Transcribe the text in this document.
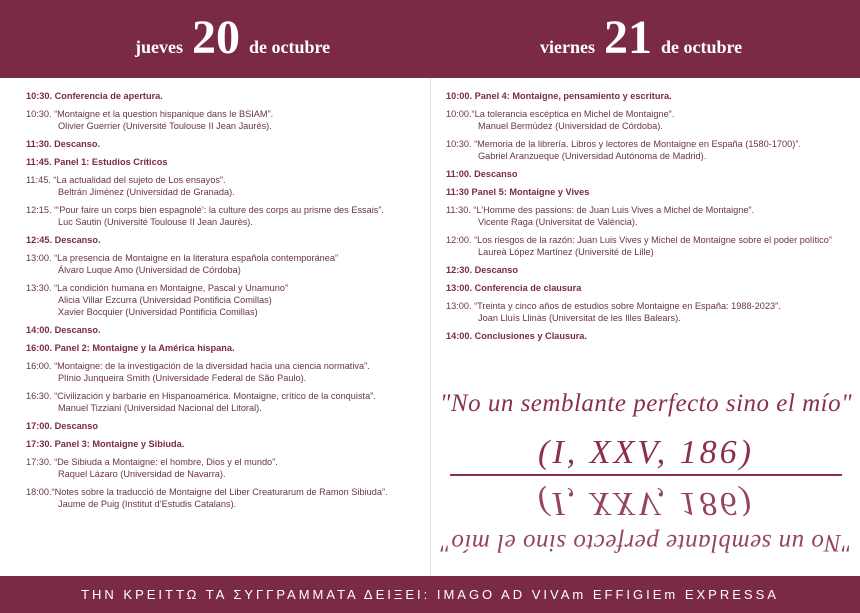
jueves 20 de octubre	viernes 21 de octubre
10:30. Conferencia de apertura.
10:30. “Montaigne et la question hispanique dans le BSIAM”.
Olivier Guerrier (Université Toulouse II Jean Jaurès).
11:30. Descanso.
11:45. Panel 1: Estudios Críticos
11:45. “La actualidad del sujeto de Los ensayos”.
Beltrán Jiménez (Universidad de Granada).
12:15. “‘Pour faire un corps bien espagnolé’: la culture des corps au prisme des Essais”.
Luc Sautin (Université Toulouse II Jean Jaurès).
12:45. Descanso.
13:00. “La presencia de Montaigne en la literatura española contemporánea”
Álvaro Luque Amo (Universidad de Córdoba)
13:30. “La condición humana en Montaigne, Pascal y Unamuno”
Alicia Villar Ezcurra (Universidad Pontificia Comillas)
Xavier Bocquier (Universidad Pontificia Comillas)
14:00. Descanso.
16:00. Panel 2: Montaigne y la América hispana.
16:00. “Montaigne: de la investigación de la diversidad hacia una ciencia normativa”.
Plínio Junqueira Smith (Universidade Federal de São Paulo).
16:30. “Civilización y barbarie en Hispanoamérica. Montaigne, crítico de la conquista”.
Manuel Tizziani (Universidad Nacional del Litoral).
17:00. Descanso
17:30. Panel 3: Montaigne y Sibiuda.
17:30. “De Sibiuda a Montaigne: el hombre, Dios y el mundo”.
Raquel Lázaro (Universidad de Navarra).
18:00.“Notes sobre la traducció de Montaigne del Liber Creaturarum de Ramon Sibiuda”.
Jaume de Puig (Institut d’Estudis Catalans).
10:00. Panel 4: Montaigne, pensamiento y escritura.
10:00.“La tolerancia escéptica en Michel de Montaigne”.
Manuel Bermúdez (Universidad de Córdoba).
10:30. “Memoria de la librería. Libros y lectores de Montaigne en España (1580-1700)”.
Gabriel Aranzueque (Universidad Autónoma de Madrid).
11:00. Descanso
11:30 Panel 5: Montaigne y Vives
11:30. “L’Homme des passions: de Juan Luis Vives a Michel de Montaigne”.
Vicente Raga (Universitat de València).
12:00. “Los riesgos de la razón: Juan Luis Vives y Michel de Montaigne sobre el poder político”
Laureà López Martínez (Université de Lille)
12:30. Descanso
13:00. Conferencia de clausura
13:00. “Treinta y cinco años de estudios sobre Montaigne en España: 1988-2023”.
Joan Lluís Llinàs (Universitat de les Illes Balears).
14:00. Conclusiones y Clausura.
"No un semblante perfecto sino el mío"
(I, XXV, 186)
(I, XXV, 186)
"No un semblante perfecto sino el mío"
ΤΗΝ ΚΡΕΙΤΤΩ ΤΑ ΣΥΓΓΡΑΜΜΑΤΑ ΔΕΙΞΕΙ: IMAGO AD VIVAm EFFIGIEm EXPRESSA
